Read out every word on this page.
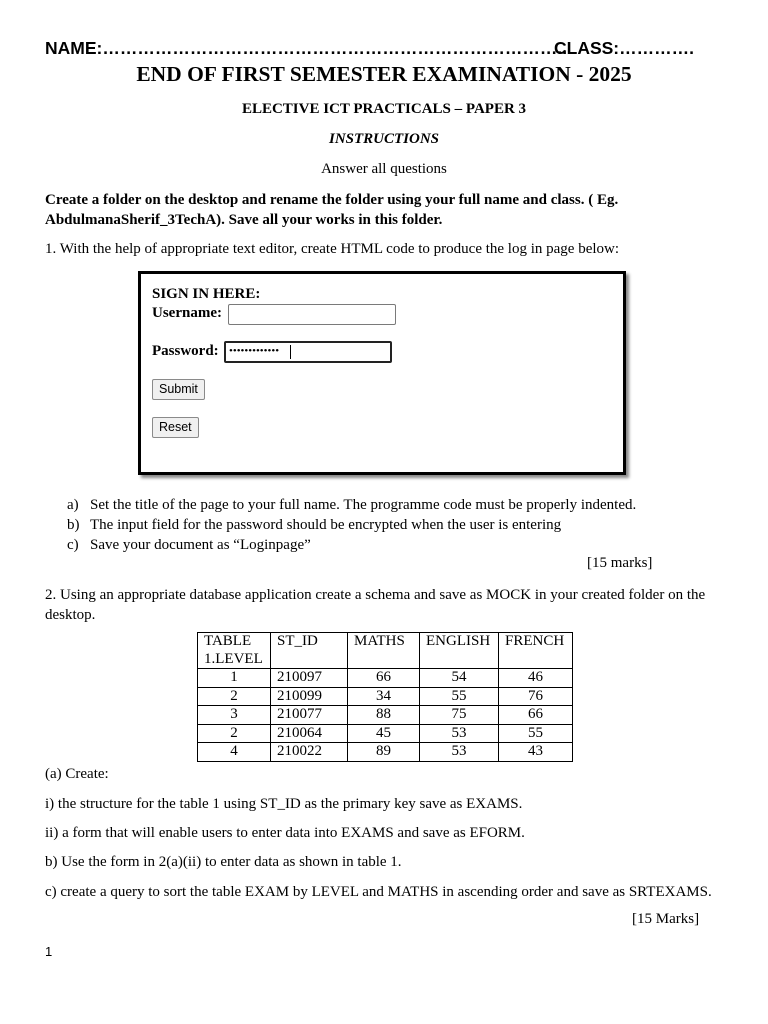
NAME:……………………………………………………………………..
CLASS:………….
END OF FIRST SEMESTER EXAMINATION - 2025
ELECTIVE ICT PRACTICALS – PAPER 3
INSTRUCTIONS
Answer all questions
Create a folder on the desktop and rename the folder using your full name and class. ( Eg. AbdulmanaSherif_3TechA). Save all your works in this folder.
1. With the help of appropriate text editor, create HTML code to produce the log in page below:
SIGN IN HERE:
Username:
Password: •••••••••••••
Submit
Reset
a) Set the title of the page to your full name. The programme code must be properly indented.
b) The input field for the password should be encrypted when the user is entering
c) Save your document as “Loginpage”
[15 marks]
2. Using an appropriate database application create a schema and save as MOCK in your created folder on the desktop.
TABLE 1.LEVEL	ST_ID	MATHS	ENGLISH	FRENCH
1	210097	66	54	46
2	210099	34	55	76
3	210077	88	75	66
2	210064	45	53	55
4	210022	89	53	43
(a) Create:
i) the structure for the table 1 using ST_ID as the primary key save as EXAMS.
ii) a form that will enable users to enter data into EXAMS and save as EFORM.
b) Use the form in 2(a)(ii) to enter data as shown in table 1.
c) create a query to sort the table EXAM by LEVEL and MATHS in ascending order and save as SRTEXAMS.
[15 Marks]
1
